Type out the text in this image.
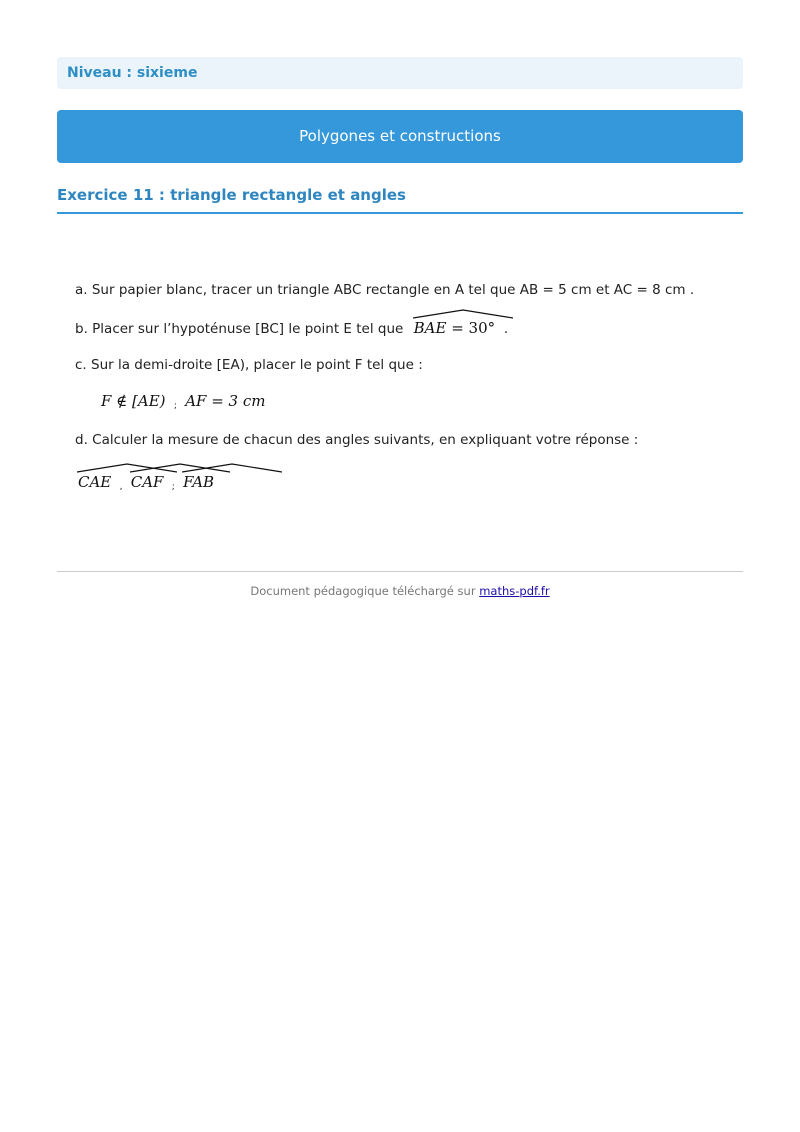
Niveau : sixieme
Polygones et constructions
Exercice 11 : triangle rectangle et angles
a. Sur papier blanc, tracer un triangle ABC rectangle en A tel que AB = 5 cm et AC = 8 cm .
b. Placer sur l’hypoténuse [BC] le point E tel que BAE = 30° .
c. Sur la demi-droite [EA), placer le point F tel que :
F ∉ [AE) ; AF = 3 cm
d. Calculer la mesure de chacun des angles suivants, en expliquant votre réponse :
CAE , CAF ; FAB
Document pédagogique téléchargé sur maths-pdf.fr
